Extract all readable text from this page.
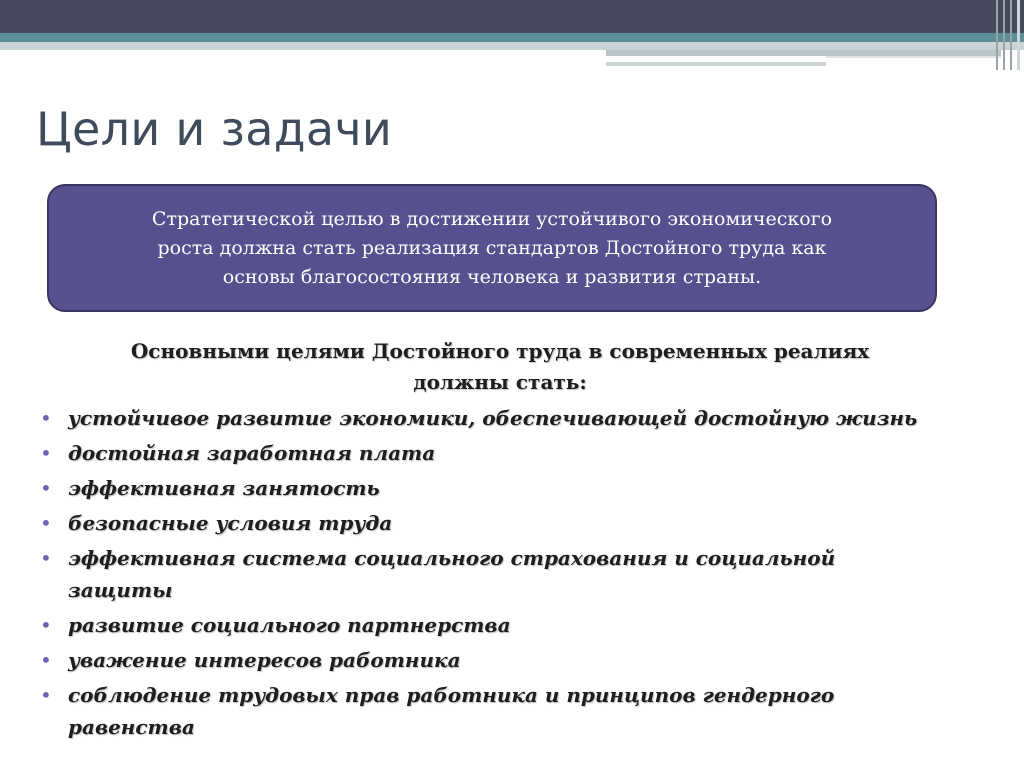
Цели и задачи
Стратегической целью в достижении устойчивого экономического
роста должна стать реализация стандартов Достойного труда как
основы благосостояния человека и развития страны.
Основными целями Достойного труда в современных реалиях
должны стать:
• устойчивое развитие экономики, обеспечивающей достойную жизнь
• достойная заработная плата
• эффективная занятость
• безопасные условия труда
• эффективная система социального страхования и социальной
защиты
• развитие социального партнерства
• уважение интересов работника
• соблюдение трудовых прав работника и принципов гендерного
равенства
